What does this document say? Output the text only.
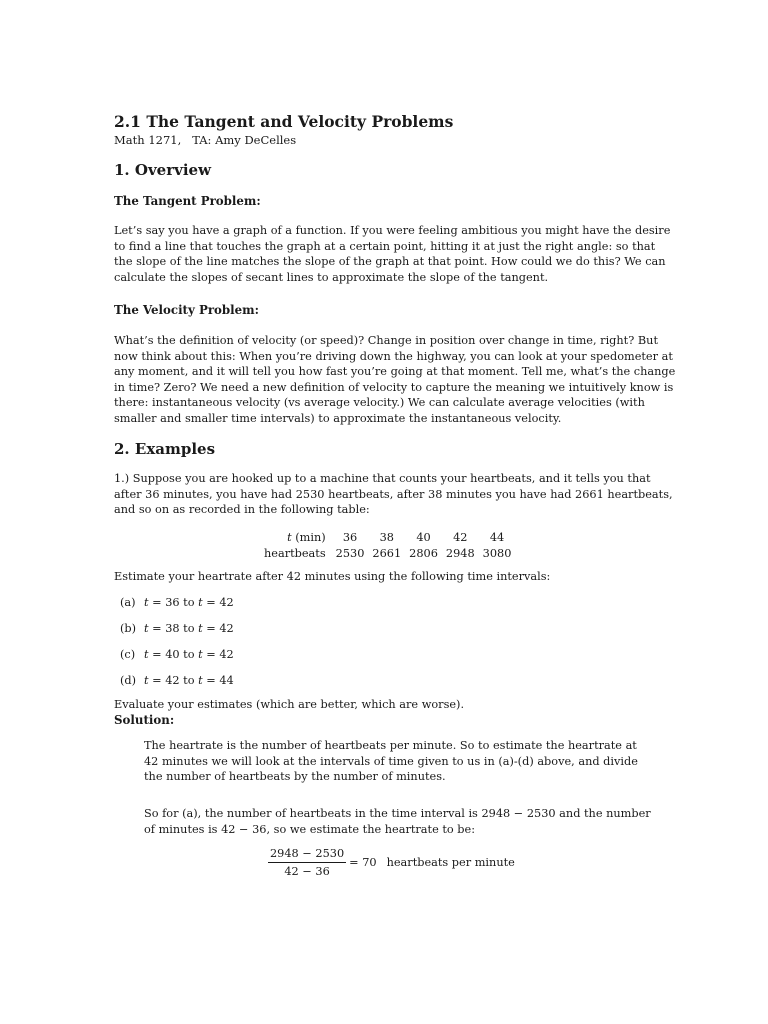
2.1 The Tangent and Velocity Problems
Math 1271,   TA: Amy DeCelles
1. Overview
The Tangent Problem:
Let’s say you have a graph of a function. If you were feeling ambitious you might have the desire
to find a line that touches the graph at a certain point, hitting it at just the right angle: so that
the slope of the line matches the slope of the graph at that point. How could we do this? We can
calculate the slopes of secant lines to approximate the slope of the tangent.
The Velocity Problem:
What’s the definition of velocity (or speed)? Change in position over change in time, right? But
now think about this: When you’re driving down the highway, you can look at your spedometer at
any moment, and it will tell you how fast you’re going at that moment. Tell me, what’s the change
in time? Zero? We need a new definition of velocity to capture the meaning we intuitively know is
there: instantaneous velocity (vs average velocity.) We can calculate average velocities (with
smaller and smaller time intervals) to approximate the instantaneous velocity.
2. Examples
1.) Suppose you are hooked up to a machine that counts your heartbeats, and it tells you that
after 36 minutes, you have had 2530 heartbeats, after 38 minutes you have had 2661 heartbeats,
and so on as recorded in the following table:
t (min)	36	38	40	42	44
heartbeats	2530	2661	2806	2948	3080
Estimate your heartrate after 42 minutes using the following time intervals:
(a) t = 36 to t = 42
(b) t = 38 to t = 42
(c) t = 40 to t = 42
(d) t = 42 to t = 44
Evaluate your estimates (which are better, which are worse).
Solution:
The heartrate is the number of heartbeats per minute. So to estimate the heartrate at
42 minutes we will look at the intervals of time given to us in (a)-(d) above, and divide
the number of heartbeats by the number of minutes.
So for (a), the number of heartbeats in the time interval is 2948 − 2530 and the number
of minutes is 42 − 36, so we estimate the heartrate to be:
$\frac{2948 - 2530}{42 - 36} = 70$ heartbeats per minute
